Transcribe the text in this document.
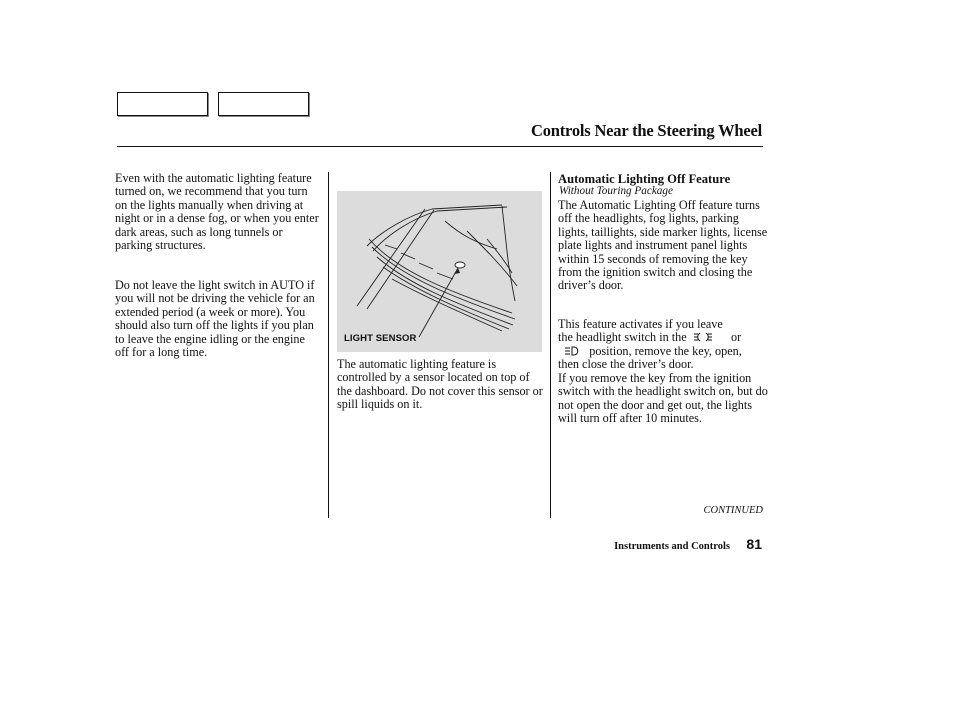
Controls Near the Steering Wheel

Even with the automatic lighting feature turned on, we recommend that you turn on the lights manually when driving at night or in a dense fog, or when you enter dark areas, such as long tunnels or parking structures.

Do not leave the light switch in AUTO if you will not be driving the vehicle for an extended period (a week or more). You should also turn off the lights if you plan to leave the engine idling or the engine off for a long time.

LIGHT SENSOR

The automatic lighting feature is controlled by a sensor located on top of the dashboard. Do not cover this sensor or spill liquids on it.

Automatic Lighting Off Feature
Without Touring Package

The Automatic Lighting Off feature turns off the headlights, fog lights, parking lights, taillights, side marker lights, license plate lights and instrument panel lights within 15 seconds of removing the key from the ignition switch and closing the driver’s door.

This feature activates if you leave
the headlight switch in the	or
position, remove the key, open,
then close the driver’s door.

If you remove the key from the ignition switch with the headlight switch on, but do not open the door and get out, the lights will turn off after 10 minutes.

CONTINUED
Instruments and Controls 81
